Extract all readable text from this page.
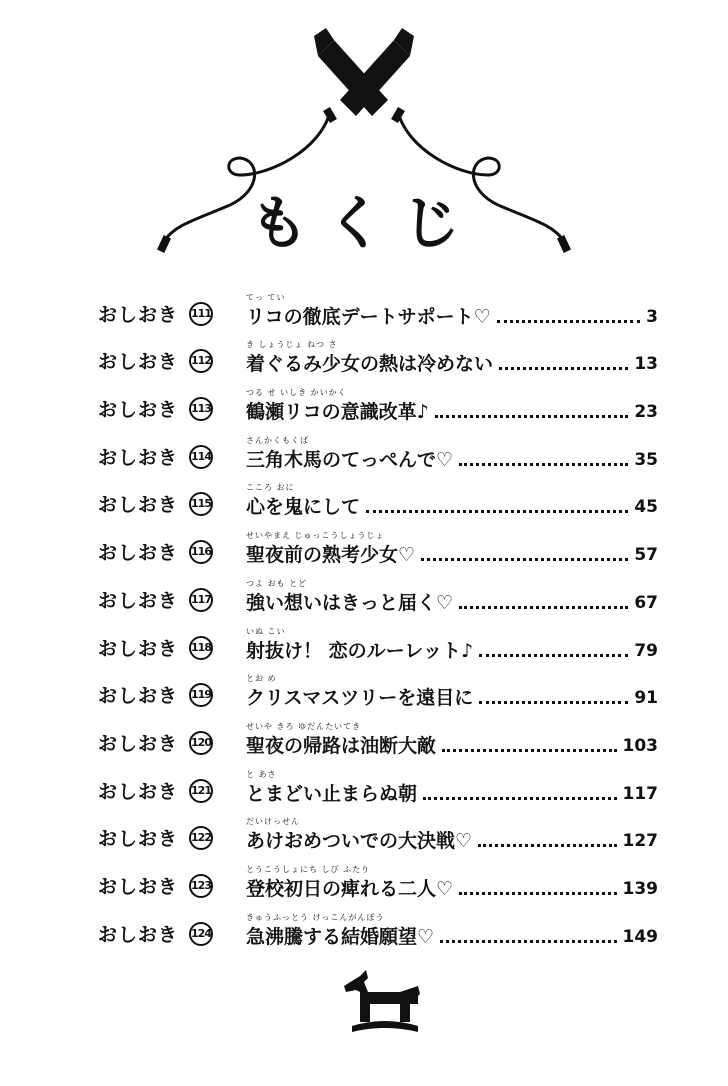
もくじ
おしおき 111
てっ てい
リコの徹底デートサポート♡	3
おしおき 112
き しょうじょ ねつ さ
着ぐるみ少女の熱は冷めない	13
おしおき 113
つる せ いしき かいかく
鶴瀬リコの意識改革♪	23
おしおき 114
さんかくもくば
三角木馬のてっぺんで♡	35
おしおき 115
こころ おに
心を鬼にして	45
おしおき 116
せいやまえ じゅっこうしょうじょ
聖夜前の熟考少女♡	57
おしおき 117
つよ おも とど
強い想いはきっと届く♡	67
おしおき 118
いぬ こい
射抜け！ 恋のルーレット♪	79
おしおき 119
とお め
クリスマスツリーを遠目に	91
おしおき 120
せいや きろ ゆだんたいてき
聖夜の帰路は油断大敵	103
おしおき 121
と あさ
とまどい止まらぬ朝	117
おしおき 122
だいけっせん
あけおめついでの大決戦♡	127
おしおき 123
とうこうしょにち しび ふたり
登校初日の痺れる二人♡	139
おしおき 124
きゅうふっとう けっこんがんぼう
急沸騰する結婚願望♡	149
